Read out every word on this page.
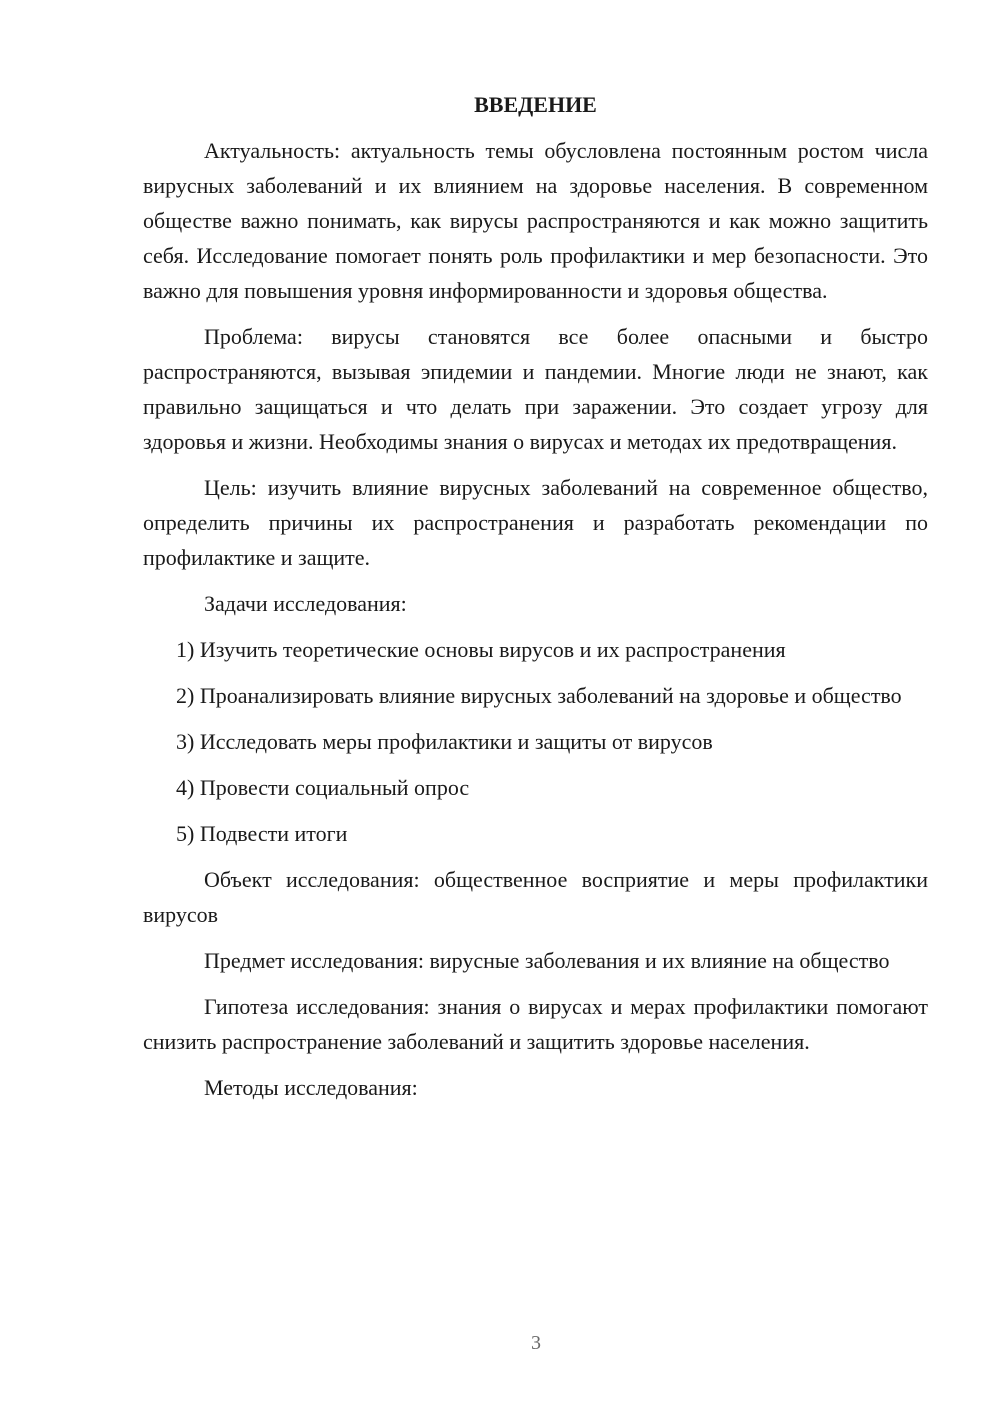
ВВЕДЕНИЕ

Актуальность: актуальность темы обусловлена постоянным ростом числа вирусных заболеваний и их влиянием на здоровье населения. В современном обществе важно понимать, как вирусы распространяются и как можно защитить себя. Исследование помогает понять роль профилактики и мер безопасности. Это важно для повышения уровня информированности и здоровья общества.

Проблема: вирусы становятся все более опасными и быстро распространяются, вызывая эпидемии и пандемии. Многие люди не знают, как правильно защищаться и что делать при заражении. Это создает угрозу для здоровья и жизни. Необходимы знания о вирусах и методах их предотвращения.

Цель: изучить влияние вирусных заболеваний на современное общество, определить причины их распространения и разработать рекомендации по профилактике и защите.

Задачи исследования:

1) Изучить теоретические основы вирусов и их распространения

2) Проанализировать влияние вирусных заболеваний на здоровье и общество

3) Исследовать меры профилактики и защиты от вирусов

4) Провести социальный опрос

5) Подвести итоги

Объект исследования: общественное восприятие и меры профилактики вирусов

Предмет исследования: вирусные заболевания и их влияние на общество

Гипотеза исследования: знания о вирусах и мерах профилактики помогают снизить распространение заболеваний и защитить здоровье населения.

Методы исследования:

3
